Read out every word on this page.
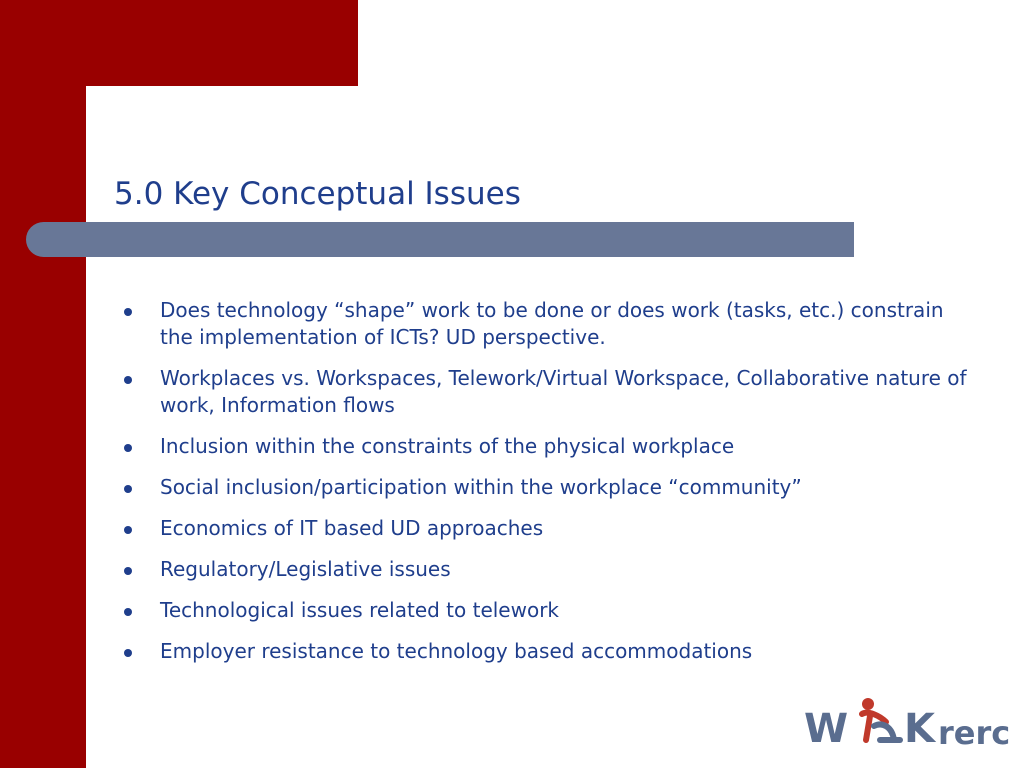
5.0 Key Conceptual Issues
Does technology “shape” work to be done or does work (tasks, etc.) constrain the implementation of ICTs? UD perspective.
Workplaces vs. Workspaces, Telework/Virtual Workspace, Collaborative nature of work, Information flows
Inclusion within the constraints of the physical workplace
Social inclusion/participation within the workplace “community”
Economics of IT based UD approaches
Regulatory/Legislative issues
Technological issues related to telework
Employer resistance to technology based accommodations
W K rerc
